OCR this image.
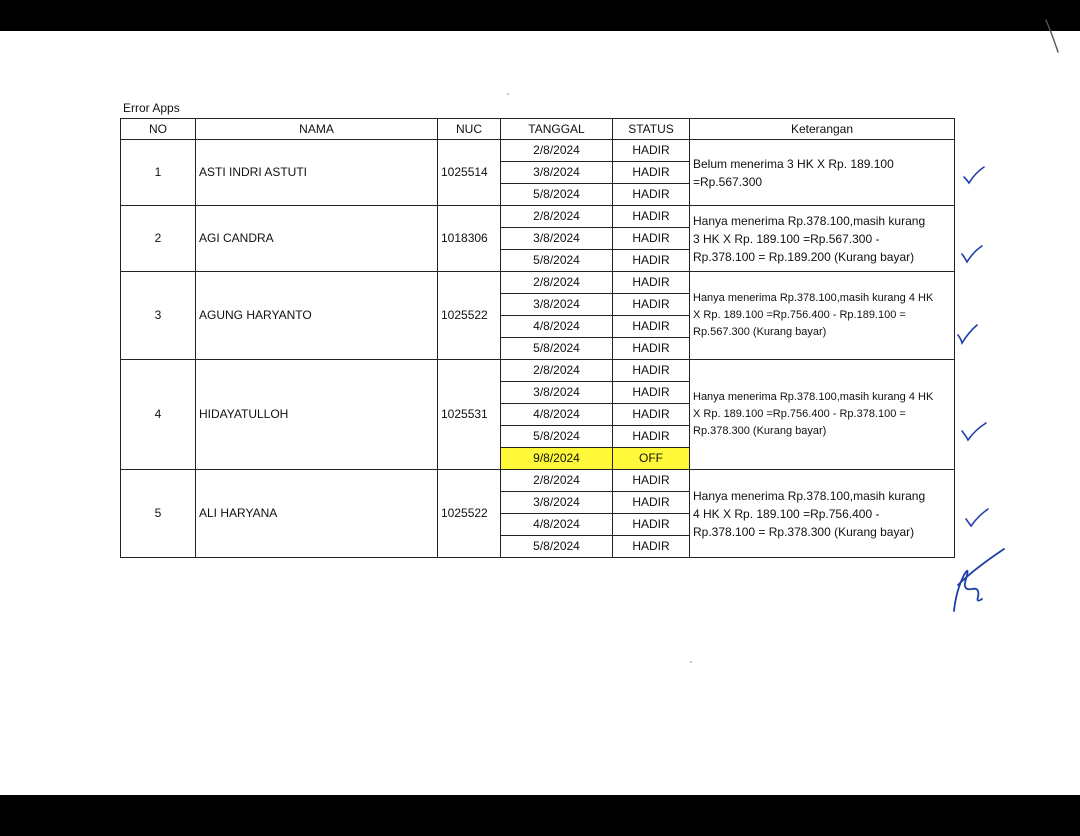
Error Apps
NO	NAMA	NUC	TANGGAL	STATUS	Keterangan
1	ASTI INDRI ASTUTI	1025514	2/8/2024	HADIR	Belum menerima 3 HK X Rp. 189.100
=Rp.567.300

			3/8/2024	HADIR	
			5/8/2024	HADIR	
2	AGI CANDRA	1018306	2/8/2024	HADIR	Hanya menerima Rp.378.100,masih kurang
3 HK X Rp. 189.100 =Rp.567.300 -
Rp.378.100 = Rp.189.200 (Kurang bayar)

			3/8/2024	HADIR	
			5/8/2024	HADIR	
3	AGUNG HARYANTO	1025522	2/8/2024	HADIR	Hanya menerima Rp.378.100,masih kurang 4 HK
X Rp. 189.100 =Rp.756.400 - Rp.189.100 =
Rp.567.300 (Kurang bayar)

			3/8/2024	HADIR	
			4/8/2024	HADIR	
			5/8/2024	HADIR	
4	HIDAYATULLOH	1025531	2/8/2024	HADIR	Hanya menerima Rp.378.100,masih kurang 4 HK
X Rp. 189.100 =Rp.756.400 - Rp.378.100 =
Rp.378.300 (Kurang bayar)

			3/8/2024	HADIR	
			4/8/2024	HADIR	
			5/8/2024	HADIR	
			9/8/2024	OFF	
5	ALI HARYANA	1025522	2/8/2024	HADIR	Hanya menerima Rp.378.100,masih kurang
4 HK X Rp. 189.100 =Rp.756.400 -
Rp.378.100 = Rp.378.300 (Kurang bayar)

			3/8/2024	HADIR	
			4/8/2024	HADIR	
			5/8/2024	HADIR	
